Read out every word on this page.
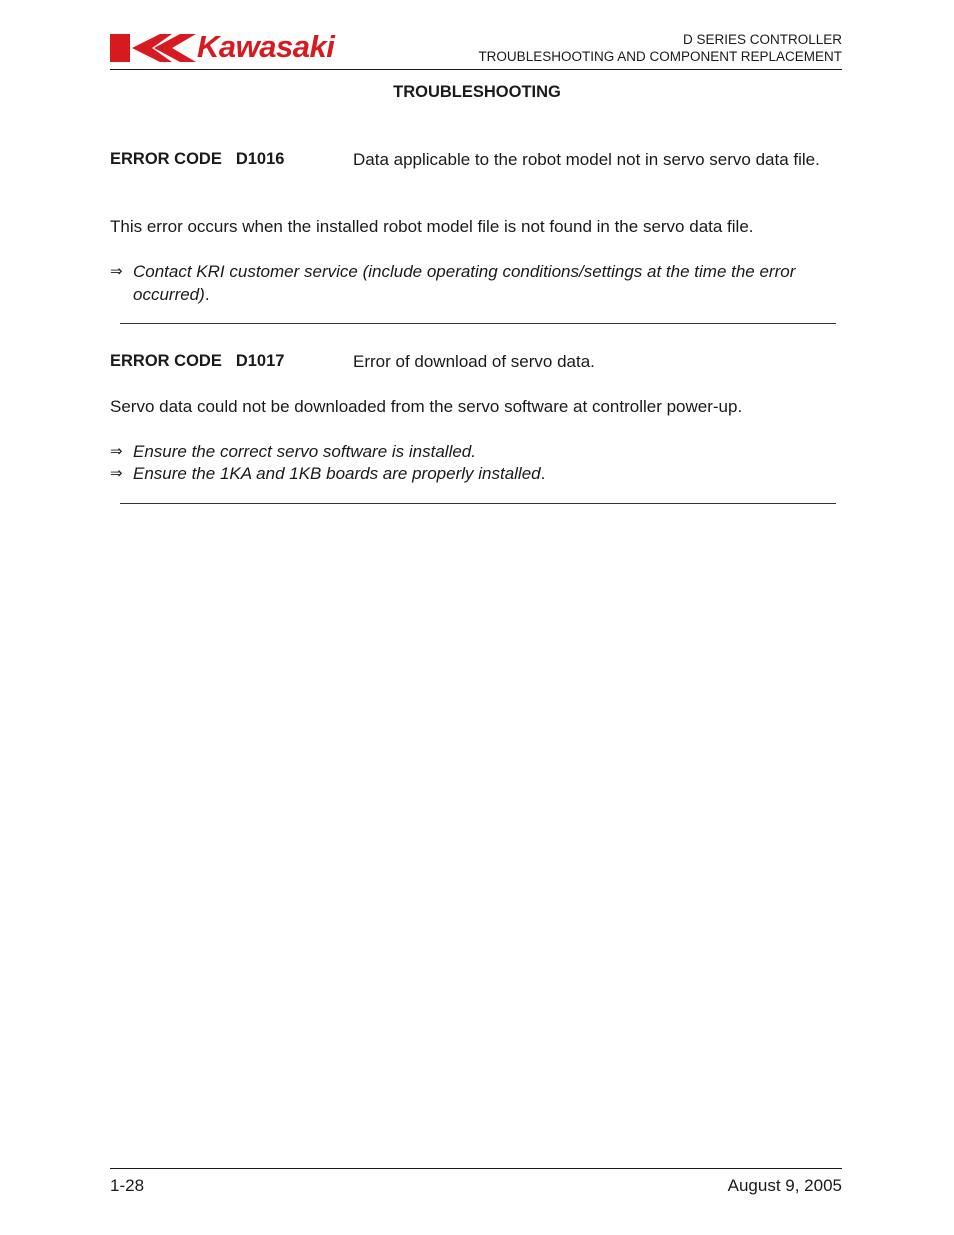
Kawasaki	D SERIES CONTROLLER
TROUBLESHOOTING AND COMPONENT REPLACEMENT
TROUBLESHOOTING
ERROR CODE D1016	Data applicable to the robot model not in servo servo data file.
This error occurs when the installed robot model file is not found in the servo data file.
⇒ Contact KRI customer service (include operating conditions/settings at the time the error occurred).
ERROR CODE D1017	Error of download of servo data.
Servo data could not be downloaded from the servo software at controller power-up.
⇒ Ensure the correct servo software is installed.
⇒ Ensure the 1KA and 1KB boards are properly installed.
1-28	August 9, 2005
